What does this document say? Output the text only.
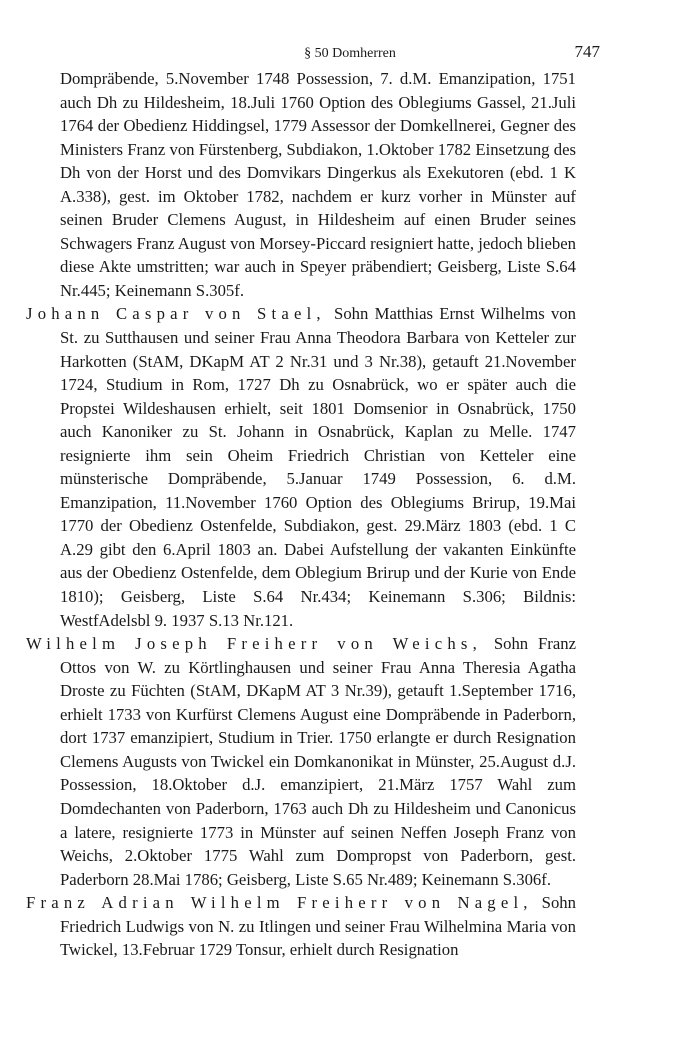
§ 50 Domherren	747

Dompräbende, 5.November 1748 Possession, 7. d.M. Emanzipation, 1751 auch Dh zu Hildesheim, 18.Juli 1760 Option des Oblegiums Gassel, 21.Juli 1764 der Obedienz Hiddingsel, 1779 Assessor der Domkellnerei, Gegner des Ministers Franz von Fürstenberg, Subdiakon, 1.Oktober 1782 Einsetzung des Dh von der Horst und des Domvikars Dingerkus als Exekutoren (ebd. 1 K A.338), gest. im Oktober 1782, nachdem er kurz vorher in Münster auf seinen Bruder Clemens August, in Hildesheim auf einen Bruder seines Schwagers Franz August von Morsey-Piccard resigniert hatte, jedoch blieben diese Akte umstritten; war auch in Speyer präbendiert; Geisberg, Liste S.64 Nr.445; Keinemann S.305f.

Johann Caspar von Stael, Sohn Matthias Ernst Wilhelms von St. zu Sutthausen und seiner Frau Anna Theodora Barbara von Ketteler zur Harkotten (StAM, DKapM AT 2 Nr.31 und 3 Nr.38), getauft 21.November 1724, Studium in Rom, 1727 Dh zu Osnabrück, wo er später auch die Propstei Wildeshausen erhielt, seit 1801 Domsenior in Osnabrück, 1750 auch Kanoniker zu St. Johann in Osnabrück, Kaplan zu Melle. 1747 resignierte ihm sein Oheim Friedrich Christian von Ketteler eine münsterische Dompräbende, 5.Januar 1749 Possession, 6. d.M. Emanzipation, 11.November 1760 Option des Oblegiums Brirup, 19.Mai 1770 der Obedienz Ostenfelde, Subdiakon, gest. 29.März 1803 (ebd. 1 C A.29 gibt den 6.April 1803 an. Dabei Aufstellung der vakanten Einkünfte aus der Obedienz Ostenfelde, dem Oblegium Brirup und der Kurie von Ende 1810); Geisberg, Liste S.64 Nr.434; Keinemann S.306; Bildnis: WestfAdelsbl 9. 1937 S.13 Nr.121.

Wilhelm Joseph Freiherr von Weichs, Sohn Franz Ottos von W. zu Körtlinghausen und seiner Frau Anna Theresia Agatha Droste zu Füchten (StAM, DKapM AT 3 Nr.39), getauft 1.September 1716, erhielt 1733 von Kurfürst Clemens August eine Dompräbende in Paderborn, dort 1737 emanzipiert, Studium in Trier. 1750 erlangte er durch Resignation Clemens Augusts von Twickel ein Domkanonikat in Münster, 25.August d.J. Possession, 18.Oktober d.J. emanzipiert, 21.März 1757 Wahl zum Domdechanten von Paderborn, 1763 auch Dh zu Hildesheim und Canonicus a latere, resignierte 1773 in Münster auf seinen Neffen Joseph Franz von Weichs, 2.Oktober 1775 Wahl zum Dompropst von Paderborn, gest. Paderborn 28.Mai 1786; Geisberg, Liste S.65 Nr.489; Keinemann S.306f.

Franz Adrian Wilhelm Freiherr von Nagel, Sohn Friedrich Ludwigs von N. zu Itlingen und seiner Frau Wilhelmina Maria von Twickel, 13.Februar 1729 Tonsur, erhielt durch Resignation
